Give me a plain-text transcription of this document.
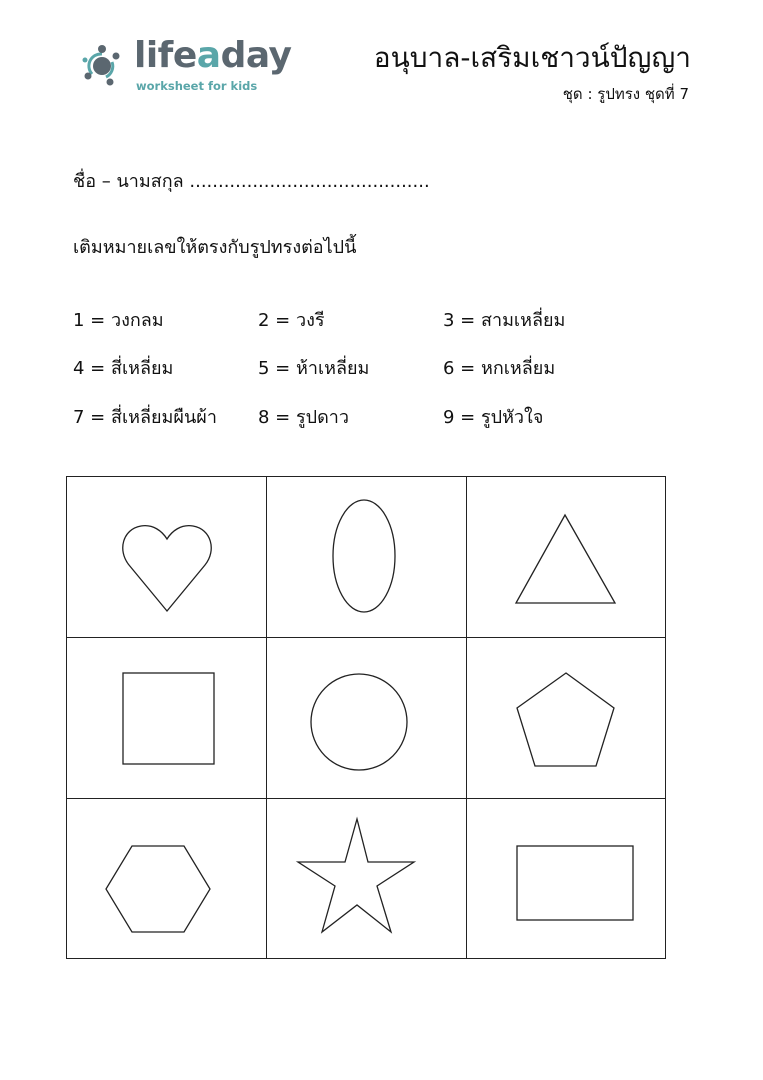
lifeaday
worksheet for kids
อนุบาล-เสริมเชาวน์ปัญญา
ชุด : รูปทรง ชุดที่ 7
ชื่อ – นามสกุล ..........................................
เติมหมายเลขให้ตรงกับรูปทรงต่อไปนี้
1 = วงกลม	2 = วงรี	3 = สามเหลี่ยม
4 = สี่เหลี่ยม	5 = ห้าเหลี่ยม	6 = หกเหลี่ยม
7 = สี่เหลี่ยมผืนผ้า 8 = รูปดาว	9 = รูปหัวใจ
